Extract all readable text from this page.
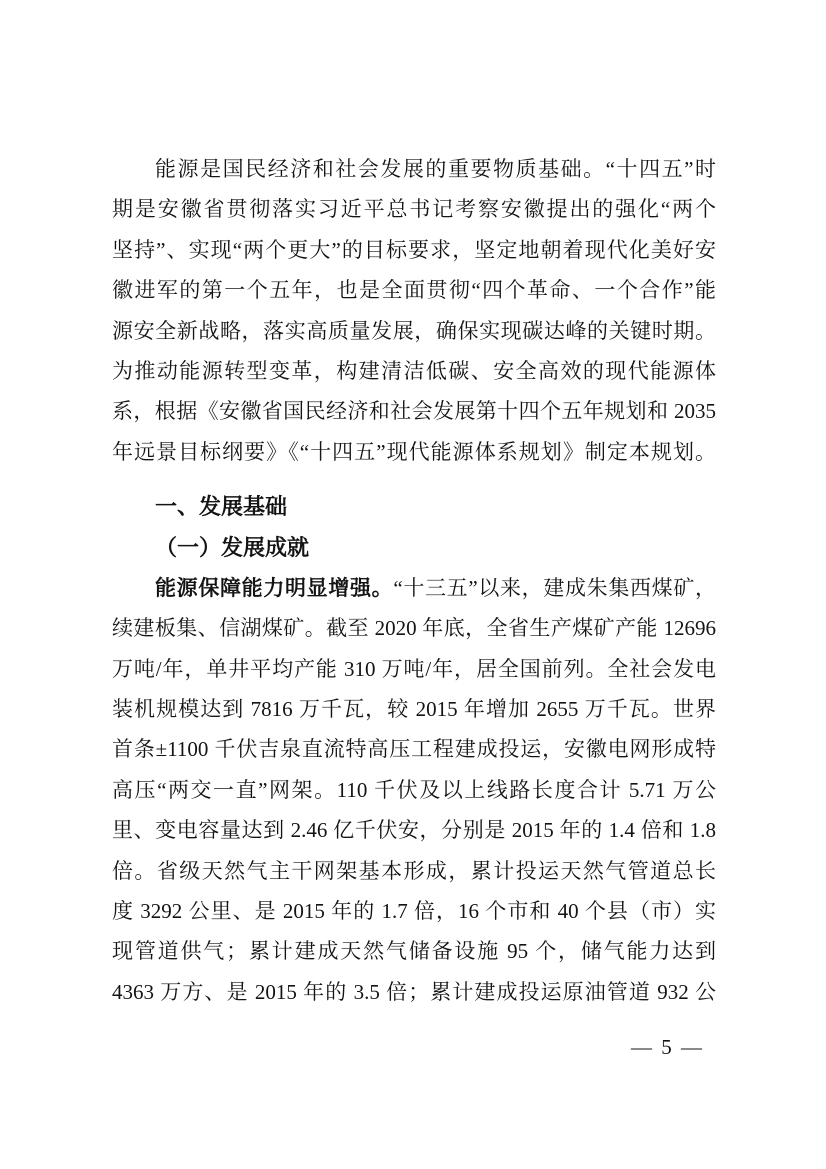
能源是国民经济和社会发展的重要物质基础。“十四五”时

期是安徽省贯彻落实习近平总书记考察安徽提出的强化“两个

坚持”、实现“两个更大”的目标要求，坚定地朝着现代化美好安

徽进军的第一个五年，也是全面贯彻“四个革命、一个合作”能

源安全新战略，落实高质量发展，确保实现碳达峰的关键时期。

为推动能源转型变革，构建清洁低碳、安全高效的现代能源体

系，根据《安徽省国民经济和社会发展第十四个五年规划和 2035

年远景目标纲要》《“十四五”现代能源体系规划》制定本规划。

一、发展基础
（一）发展成就

能源保障能力明显增强。“十三五”以来，建成朱集西煤矿，

续建板集、信湖煤矿。截至 2020 年底，全省生产煤矿产能 12696

万吨/年，单井平均产能 310 万吨/年，居全国前列。全社会发电

装机规模达到 7816 万千瓦，较 2015 年增加 2655 万千瓦。世界

首条±1100 千伏吉泉直流特高压工程建成投运，安徽电网形成特

高压“两交一直”网架。110 千伏及以上线路长度合计 5.71 万公

里、变电容量达到 2.46 亿千伏安，分别是 2015 年的 1.4 倍和 1.8

倍。省级天然气主干网架基本形成，累计投运天然气管道总长

度 3292 公里、是 2015 年的 1.7 倍，16 个市和 40 个县（市）实

现管道供气；累计建成天然气储备设施 95 个，储气能力达到

4363 万方、是 2015 年的 3.5 倍；累计建成投运原油管道 932 公

— 5 —
